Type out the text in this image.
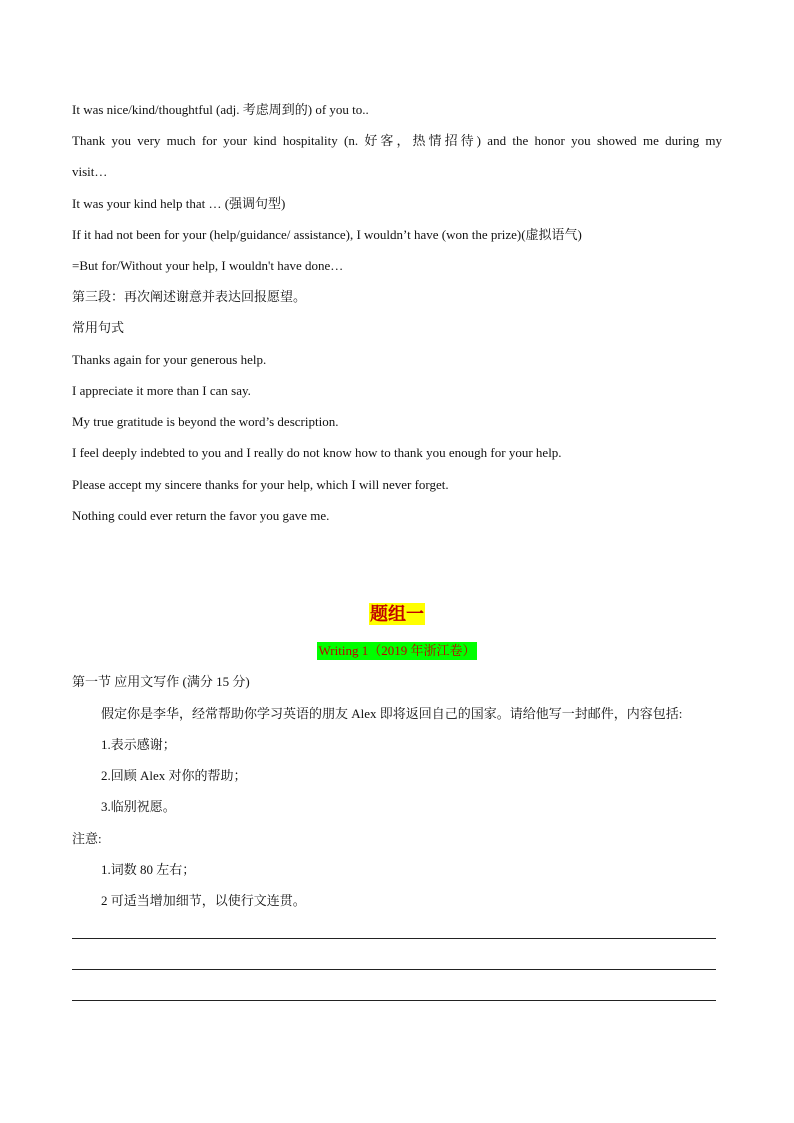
It was nice/kind/thoughtful (adj. 考虑周到的) of you to..
Thank you very much for your kind hospitality (n. 好客，热情招待) and the honor you showed me during my
visit…
It was your kind help that … (强调句型)
If it had not been for your (help/guidance/ assistance), I wouldn’t have (won the prize)(虚拟语气)
=But for/Without your help, I wouldn't have done…
第三段：再次阐述谢意并表达回报愿望。
常用句式
Thanks again for your generous help.
I appreciate it more than I can say.
My true gratitude is beyond the word’s description.
I feel deeply indebted to you and I really do not know how to thank you enough for your help.
Please accept my sincere thanks for your help, which I will never forget.
Nothing could ever return the favor you gave me.
题组一
Writing 1（2019 年浙江卷）
第一节 应用文写作 (满分 15 分)
假定你是李华，经常帮助你学习英语的朋友 Alex 即将返回自己的国家。请给他写一封邮件，内容包括:
1.表示感谢；
2.回顾 Alex 对你的帮助；
3.临别祝愿。
注意:
1.词数 80 左右；
2 可适当增加细节，以使行文连贯。
